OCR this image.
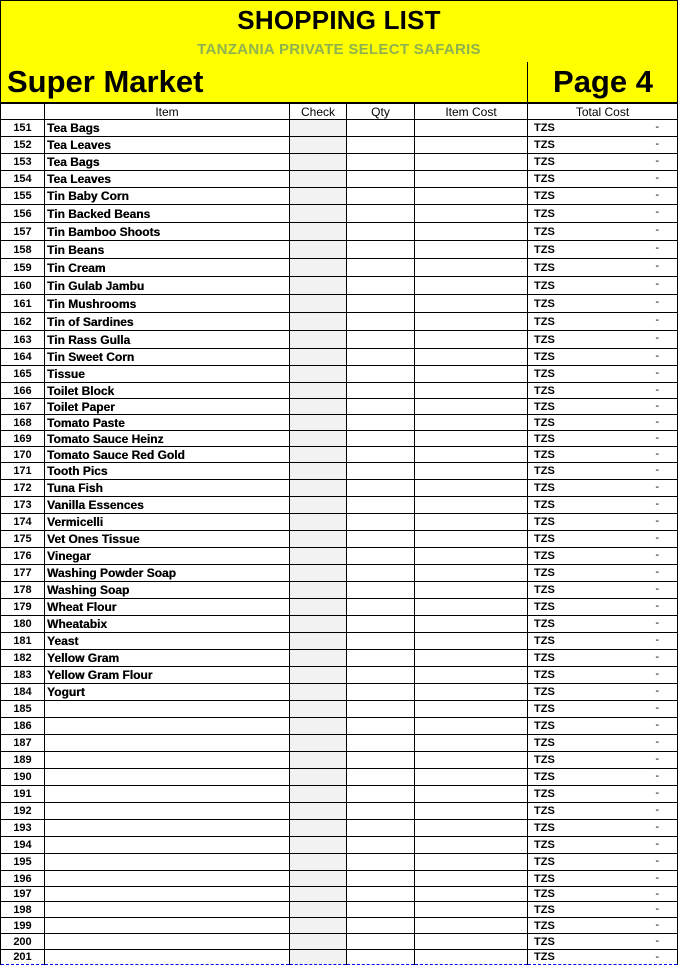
SHOPPING LIST
TANZANIA PRIVATE SELECT SAFARIS
Super Market	Page 4
	Item	Check	Qty	Item Cost	Total Cost
151	Tea Bags				TZS -

152	Tea Leaves				TZS -

153	Tea Bags				TZS -

154	Tea Leaves				TZS -

155	Tin Baby Corn				TZS -

156	Tin Backed Beans				TZS -

157	Tin Bamboo Shoots				TZS -

158	Tin Beans				TZS -

159	Tin Cream				TZS -

160	Tin Gulab Jambu				TZS -

161	Tin Mushrooms				TZS -

162	Tin of Sardines				TZS -

163	Tin Rass Gulla				TZS -

164	Tin Sweet Corn				TZS -

165	Tissue				TZS -

166	Toilet Block				TZS -

167	Toilet Paper				TZS -

168	Tomato Paste				TZS -

169	Tomato Sauce Heinz				TZS -

170	Tomato Sauce Red Gold				TZS -

171	Tooth Pics				TZS -

172	Tuna Fish				TZS -

173	Vanilla Essences				TZS -

174	Vermicelli				TZS -

175	Vet Ones Tissue				TZS -

176	Vinegar				TZS -

177	Washing Powder Soap				TZS -

178	Washing Soap				TZS -

179	Wheat Flour				TZS -

180	Wheatabix				TZS -

181	Yeast				TZS -

182	Yellow Gram				TZS -

183	Yellow Gram Flour				TZS -

184	Yogurt				TZS -

185					TZS -

186					TZS -

187					TZS -

189					TZS -

190					TZS -

191					TZS -

192					TZS -

193					TZS -

194					TZS -

195					TZS -

196					TZS -

197					TZS -

198					TZS -

199					TZS -

200					TZS -

201					TZS -
